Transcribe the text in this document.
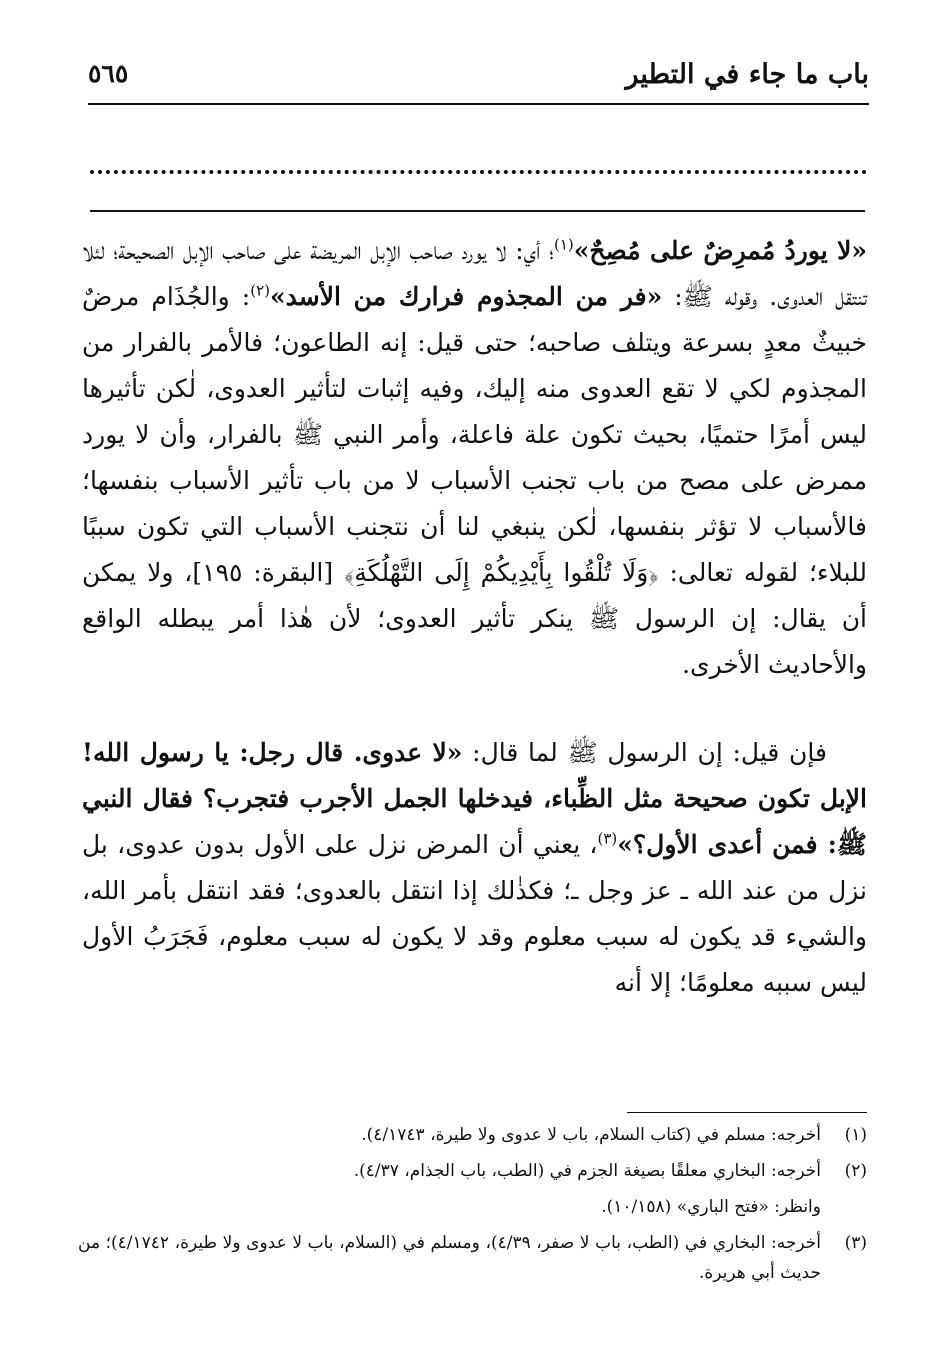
باب ما جاء في التطير
٥٦٥

«لا يوردُ مُمرِضٌ على مُصِحٌ»$^{(١)}$؛ أي: لا يورد صاحب الإبل المريضة على صاحب الإبل الصحيحة؛ لئلا تنتقل العدوى. وقوله ﷺ: «فر من المجذوم فرارك من الأسد»$^{(٢)}$: والجُذَام مرضٌ خبيثٌ معدٍ بسرعة ويتلف صاحبه؛ حتى قيل: إنه الطاعون؛ فالأمر بالفرار من المجذوم لكي لا تقع العدوى منه إليك، وفيه إثبات لتأثير العدوى، لٰكن تأثيرها ليس أمرًا حتميًا، بحيث تكون علة فاعلة، وأمر النبي ﷺ بالفرار، وأن لا يورد ممرض على مصح من باب تجنب الأسباب لا من باب تأثير الأسباب بنفسها؛ فالأسباب لا تؤثر بنفسها، لٰكن ينبغي لنا أن نتجنب الأسباب التي تكون سببًا للبلاء؛ لقوله تعالى: ﴿وَلَا تُلْقُوا بِأَيْدِيكُمْ إِلَى التَّهْلُكَةِ﴾ [البقرة: ١٩٥]، ولا يمكن أن يقال: إن الرسول ﷺ ينكر تأثير العدوى؛ لأن هٰذا أمر يبطله الواقع والأحاديث الأخرى.

فإن قيل: إن الرسول ﷺ لما قال: «لا عدوى. قال رجل: يا رسول الله! الإبل تكون صحيحة مثل الظِّباء، فيدخلها الجمل الأجرب فتجرب؟ فقال النبي ﷺ: فمن أعدى الأول؟»$^{(٣)}$، يعني أن المرض نزل على الأول بدون عدوى، بل نزل من عند الله ـ عز وجل ـ؛ فكذٰلك إذا انتقل بالعدوى؛ فقد انتقل بأمر الله، والشيء قد يكون له سبب معلوم وقد لا يكون له سبب معلوم، فَجَرَبُ الأول ليس سببه معلومًا؛ إلا أنه

(١)
أخرجه: مسلم في (كتاب السلام، باب لا عدوى ولا طيرة، ٤/١٧٤٣).
(٢)
أخرجه: البخاري معلقًا بصيغة الجزم في (الطب، باب الجذام، ٤/٣٧).
وانظر: «فتح الباري» (١٠/١٥٨).
(٣)
أخرجه: البخاري في (الطب، باب لا صفر، ٤/٣٩)، ومسلم في (السلام، باب لا عدوى ولا طيرة، ٤/١٧٤٢)؛ من حديث أبي هريرة.
